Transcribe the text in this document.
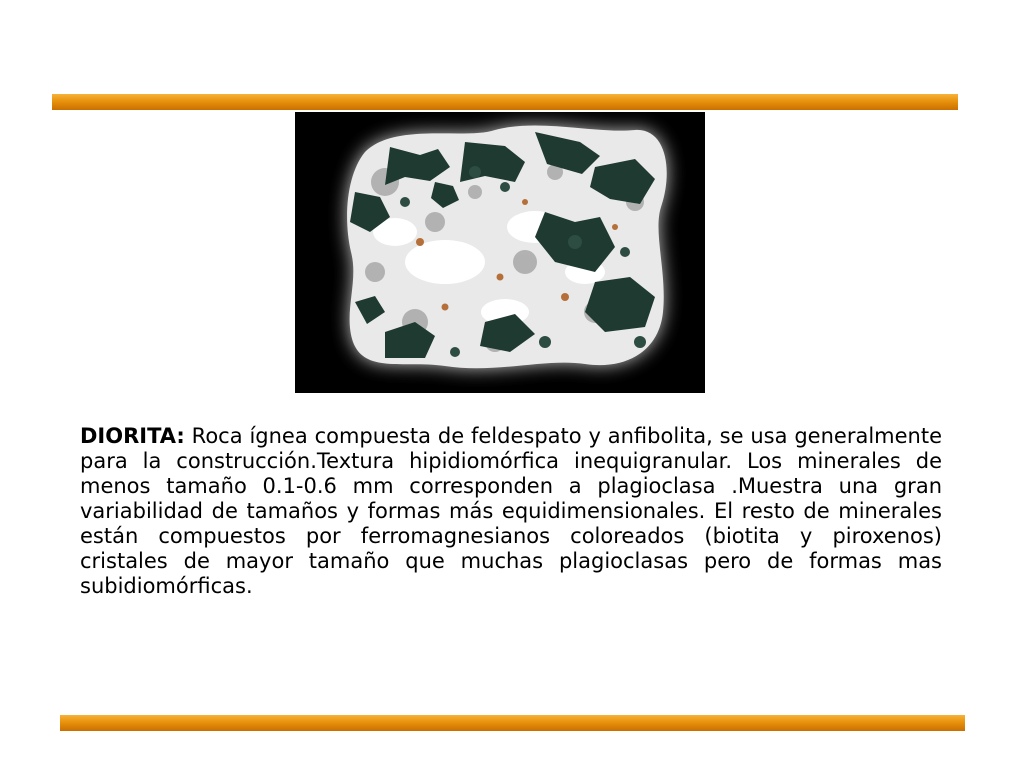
DIORITA: Roca ígnea compuesta de feldespato y anfibolita, se usa generalmente para la construcción.Textura hipidiomórfica inequigranular. Los minerales de menos tamaño 0.1-0.6 mm corresponden a plagioclasa .Muestra una gran variabilidad de tamaños y formas más equidimensionales. El resto de minerales están compuestos por ferromagnesianos coloreados (biotita y piroxenos) cristales de mayor tamaño que muchas plagioclasas pero de formas mas subidiomórficas.
